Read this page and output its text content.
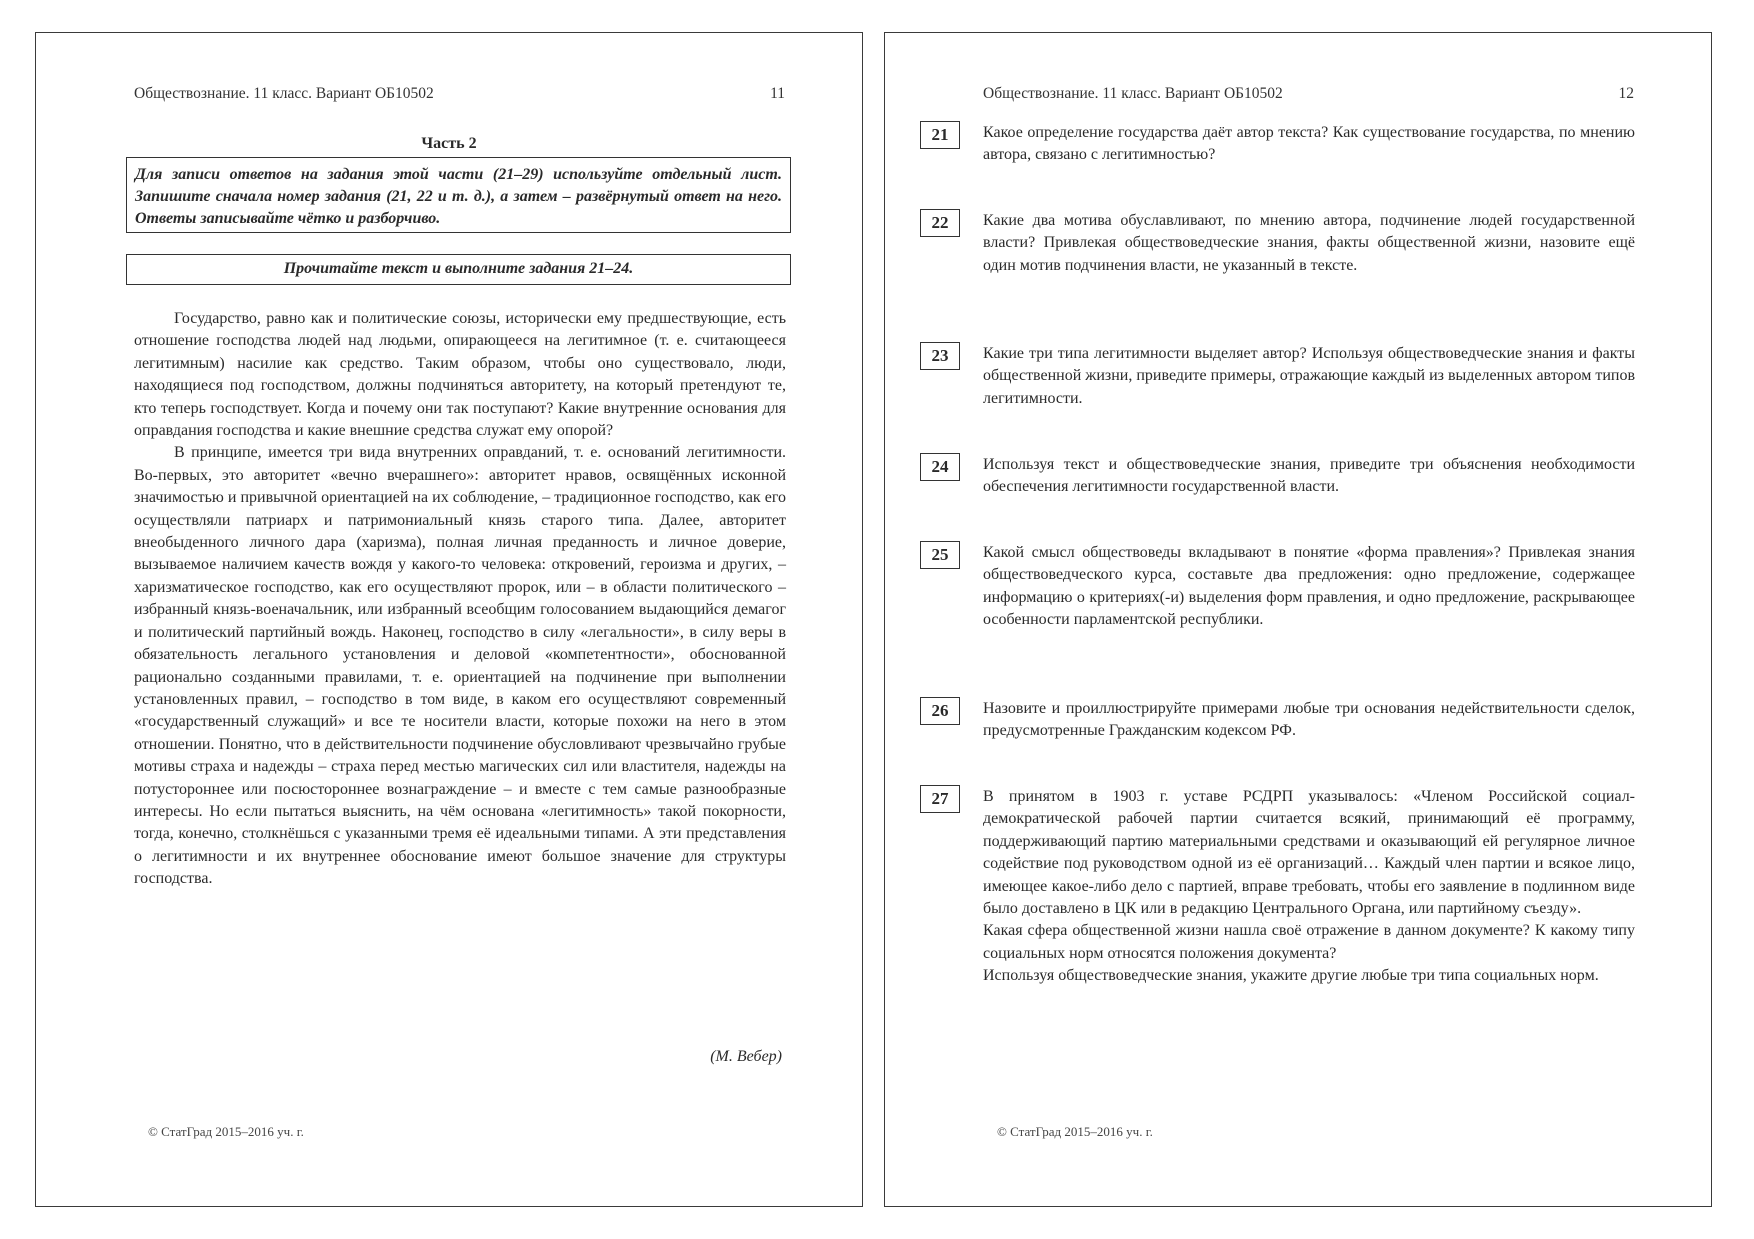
Обществознание. 11 класс. Вариант ОБ10502	11
Часть 2
Для записи ответов на задания этой части (21–29) используйте отдельный лист. Запишите сначала номер задания (21, 22 и т. д.), а затем – развёрнутый ответ на него. Ответы записывайте чётко и разборчиво.
Прочитайте текст и выполните задания 21–24.

Государство, равно как и политические союзы, исторически ему предшествующие, есть отношение господства людей над людьми, опирающееся на легитимное (т. е. считающееся легитимным) насилие как средство. Таким образом, чтобы оно существовало, люди, находящиеся под господством, должны подчиняться авторитету, на который претендуют те, кто теперь господствует. Когда и почему они так поступают? Какие внутренние основания для оправдания господства и какие внешние средства служат ему опорой?

В принципе, имеется три вида внутренних оправданий, т. е. оснований легитимности. Во-первых, это авторитет «вечно вчерашнего»: авторитет нравов, освящённых исконной значимостью и привычной ориентацией на их соблюдение, – традиционное господство, как его осуществляли патриарх и патримониальный князь старого типа. Далее, авторитет внеобыденного личного дара (харизма), полная личная преданность и личное доверие, вызываемое наличием качеств вождя у какого-то человека: откровений, героизма и других, – харизматическое господство, как его осуществляют пророк, или – в области политического – избранный князь-военачальник, или избранный всеобщим голосованием выдающийся демагог и политический партийный вождь. Наконец, господство в силу «легальности», в силу веры в обязательность легального установления и деловой «компетентности», обоснованной рационально созданными правилами, т. е. ориентацией на подчинение при выполнении установленных правил, – господство в том виде, в каком его осуществляют современный «государственный служащий» и все те носители власти, которые похожи на него в этом отношении. Понятно, что в действительности подчинение обусловливают чрезвычайно грубые мотивы страха и надежды – страха перед местью магических сил или властителя, надежды на потустороннее или посюстороннее вознаграждение – и вместе с тем самые разнообразные интересы. Но если пытаться выяснить, на чём основана «легитимность» такой покорности, тогда, конечно, столкнёшься с указанными тремя её идеальными типами. А эти представления о легитимности и их внутреннее обоснование имеют большое значение для структуры господства.

(М. Вебер)
© СтатГрад 2015–2016 уч. г.
Обществознание. 11 класс. Вариант ОБ10502	12
21	Какое определение государства даёт автор текста? Как существование государства, по мнению автора, связано с легитимностью?

22	Какие два мотива обуславливают, по мнению автора, подчинение людей государственной власти? Привлекая обществоведческие знания, факты общественной жизни, назовите ещё один мотив подчинения власти, не указанный в тексте.

23	Какие три типа легитимности выделяет автор? Используя обществоведческие знания и факты общественной жизни, приведите примеры, отражающие каждый из выделенных автором типов легитимности.

24	Используя текст и обществоведческие знания, приведите три объяснения необходимости обеспечения легитимности государственной власти.

25	Какой смысл обществоведы вкладывают в понятие «форма правления»? Привлекая знания обществоведческого курса, составьте два предложения: одно предложение, содержащее информацию о критериях(-и) выделения форм правления, и одно предложение, раскрывающее особенности парламентской республики.

26	Назовите и проиллюстрируйте примерами любые три основания недействительности сделок, предусмотренные Гражданским кодексом РФ.

27	В принятом в 1903 г. уставе РСДРП указывалось: «Членом Российской социал-демократической рабочей партии считается всякий, принимающий её программу, поддерживающий партию материальными средствами и оказывающий ей регулярное личное содействие под руководством одной из её организаций… Каждый член партии и всякое лицо, имеющее какое-либо дело с партией, вправе требовать, чтобы его заявление в подлинном виде было доставлено в ЦК или в редакцию Центрального Органа, или партийному съезду».

Какая сфера общественной жизни нашла своё отражение в данном документе? К какому типу социальных норм относятся положения документа?

Используя обществоведческие знания, укажите другие любые три типа социальных норм.

© СтатГрад 2015–2016 уч. г.
